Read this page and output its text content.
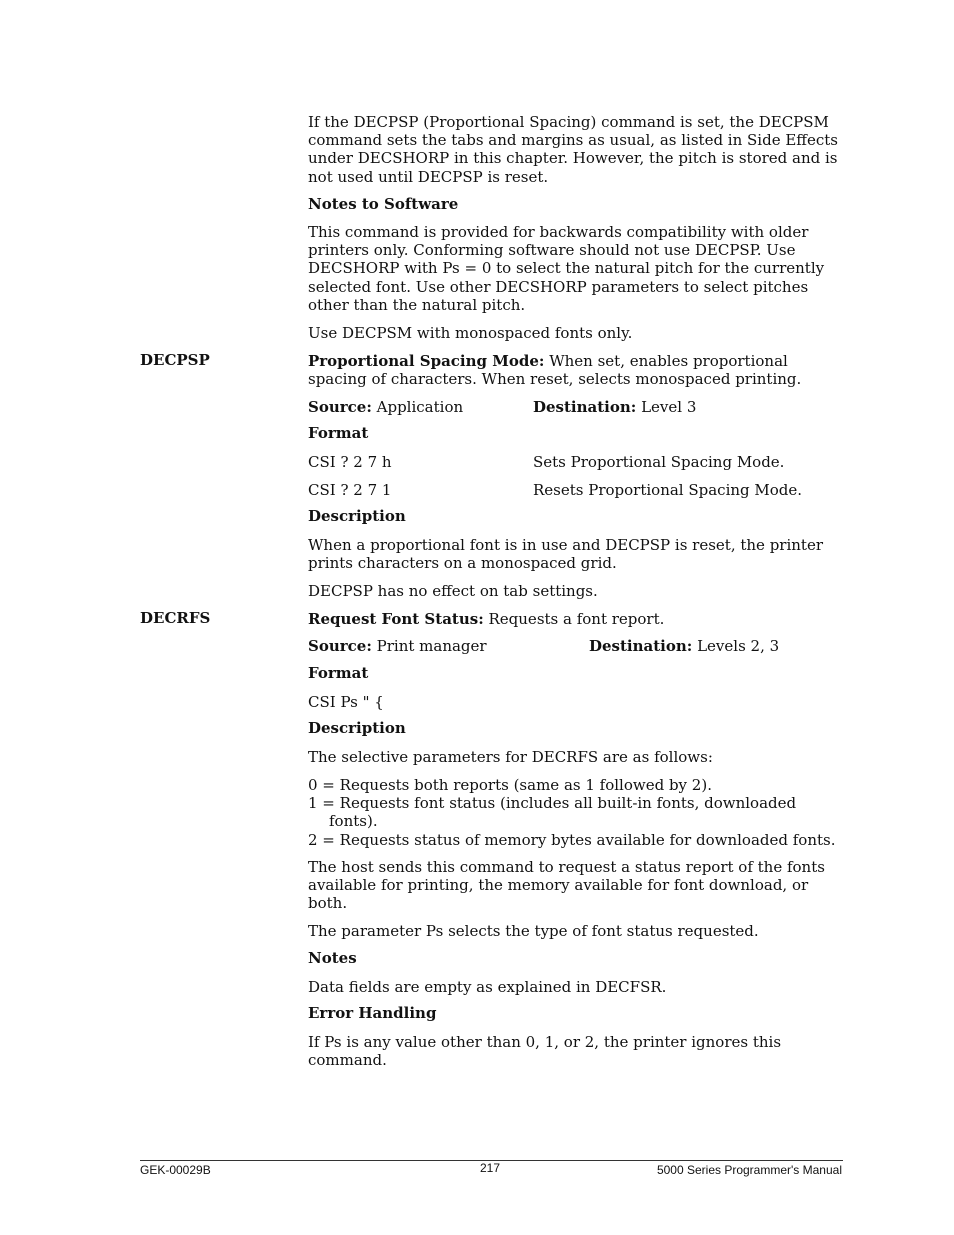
If the DECPSP (Proportional Spacing) command is set, the DECPSM command sets the tabs and margins as usual, as listed in Side Effects under DECSHORP in this chapter. However, the pitch is stored and is not used until DECPSP is reset.

Notes to Software

This command is provided for backwards compatibility with older printers only. Conforming software should not use DECPSP. Use DECSHORP with Ps = 0 to select the natural pitch for the currently selected font. Use other DECSHORP parameters to select pitches other than the natural pitch.

Use DECPSM with monospaced fonts only.

DECPSP	Proportional Spacing Mode: When set, enables proportional spacing of characters. When reset, selects monospaced printing.

Source: Application	Destination: Level 3

Format

CSI ? 2 7 h	Sets Proportional Spacing Mode.
CSI ? 2 7 1	Resets Proportional Spacing Mode.

Description

When a proportional font is in use and DECPSP is reset, the printer prints characters on a monospaced grid.

DECPSP has no effect on tab settings.

DECRFS	Request Font Status: Requests a font report.

Source: Print manager	Destination: Levels 2, 3

Format

CSI Ps " {

Description

The selective parameters for DECRFS are as follows:

0 = Requests both reports (same as 1 followed by 2).
1 = Requests font status (includes all built-in fonts, downloaded
fonts).
2 = Requests status of memory bytes available for downloaded fonts.

The host sends this command to request a status report of the fonts available for printing, the memory available for font download, or both.

The parameter Ps selects the type of font status requested.

Notes

Data fields are empty as explained in DECFSR.

Error Handling

If Ps is any value other than 0, 1, or 2, the printer ignores this command.

GEK-00029B	217	5000 Series Programmer's Manual
